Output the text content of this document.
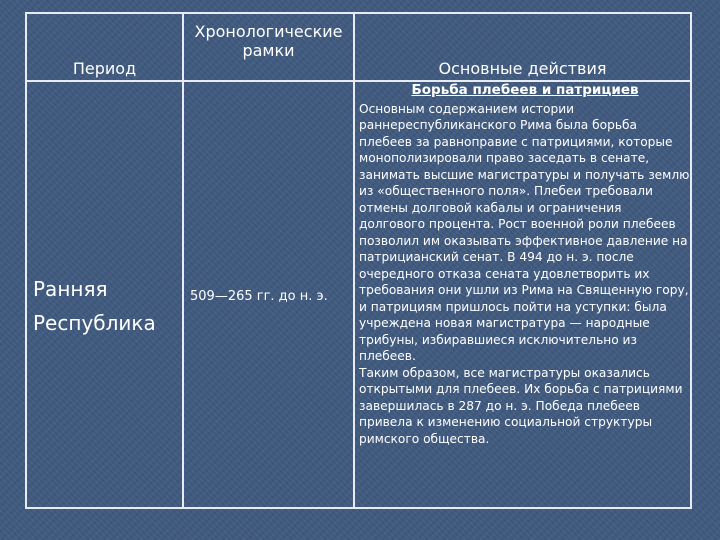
Период
Хронологические рамки
Основные действия
Ранняя Республика
509—265 гг. до н. э.
Борьба плебеев и патрициев

Основным содержанием истории раннереспубликанского Рима была борьба плебеев за равноправие с патрициями, которые монополизировали право заседать в сенате, занимать высшие магистратуры и получать землю из «общественного поля». Плебеи требовали отмены долговой кабалы и ограничения долгового процента. Рост военной роли плебеев позволил им оказывать эффективное давление на патрицианский сенат. В 494 до н. э. после очередного отказа сената удовлетворить их требования они ушли из Рима на Священную гору, и патрициям пришлось пойти на уступки: была учреждена новая магистратура — народные трибуны, избиравшиеся исключительно из плебеев.

Таким образом, все магистратуры оказались открытыми для плебеев. Их борьба с патрициями завершилась в 287 до н. э. Победа плебеев привела к изменению социальной структуры римского общества.
